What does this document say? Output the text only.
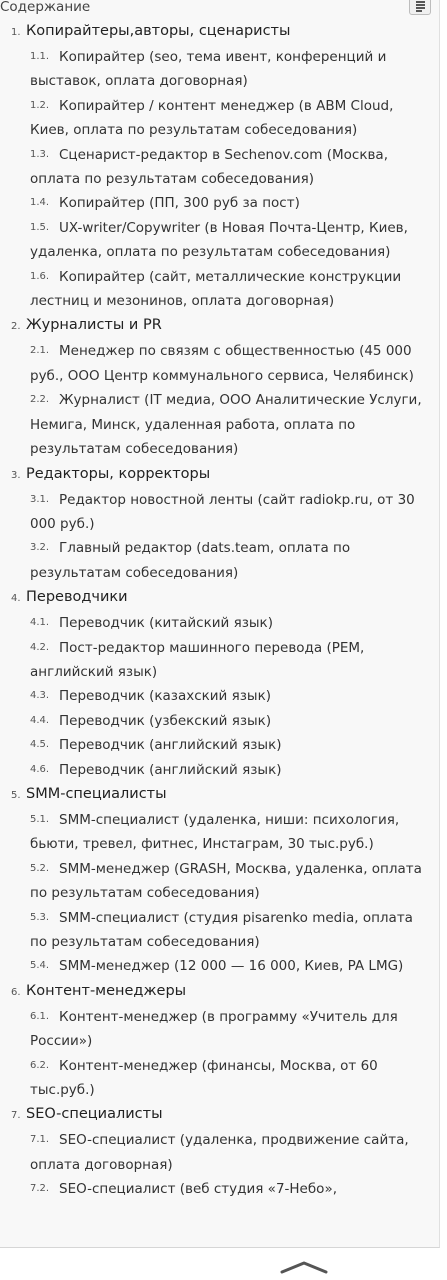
Содержание
1. Копирайтеры,авторы, сценаристы
1.1. Копирайтер (seo, тема ивент, конференций и выставок, оплата договорная)
1.2. Копирайтер / контент менеджер (в ABM Cloud, Киев, оплата по результатам собеседования)
1.3. Сценарист-редактор в Sechenov.com (Москва, оплата по результатам собеседования)
1.4. Копирайтер (ПП, 300 руб за пост)
1.5. UX-writer/Copywriter (в Новая Почта-Центр, Киев, удаленка, оплата по результатам собеседования)
1.6. Копирайтер (сайт, металлические конструкции лестниц и мезонинов, оплата договорная)
2. Журналисты и PR
2.1. Менеджер по связям с общественностью (45 000 руб., ООО Центр коммунального сервиса, Челябинск)
2.2. Журналист (IT медиа, ООО Аналитические Услуги, Немига, Минск, удаленная работа, оплата по результатам собеседования)
3. Редакторы, корректоры
3.1. Редактор новостной ленты (сайт radiokp.ru, от 30 000 руб.)
3.2. Главный редактор (dats.team, оплата по результатам собеседования)
4. Переводчики
4.1. Переводчик (китайский язык)
4.2. Пост-редактор машинного перевода (PEM, английский язык)
4.3. Переводчик (казахский язык)
4.4. Переводчик (узбекский язык)
4.5. Переводчик (английский язык)
4.6. Переводчик (английский язык)
5. SMM-специалисты
5.1. SMM-специалист (удаленка, ниши: психология, бьюти, тревел, фитнес, Инстаграм, 30 тыс.руб.)
5.2. SMM-менеджер (GRASH, Москва, удаленка, оплата по результатам собеседования)
5.3. SMM-специалист (студия pisarenko media, оплата по результатам собеседования)
5.4. SMM-менеджер (12 000 — 16 000, Киев, PA LMG)
6. Контент-менеджеры
6.1. Контент-менеджер (в программу «Учитель для России»)
6.2. Контент-менеджер (финансы, Москва, от 60 тыс.руб.)
7. SEO-специалисты
7.1. SEO-специалист (удаленка, продвижение сайта, оплата договорная)
7.2. SEO-специалист (веб студия «7-Небо»,
